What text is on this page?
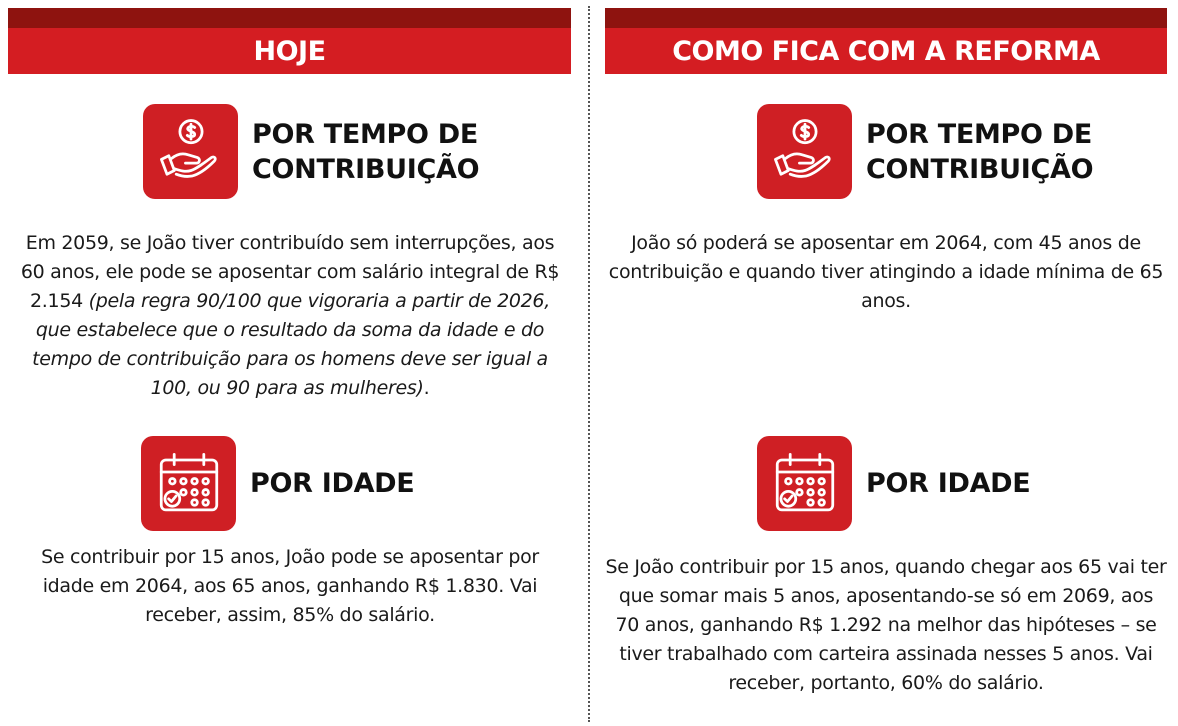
HOJE
POR TEMPO DE
CONTRIBUIÇÃO
Em 2059, se João tiver contribuído sem interrupções, aos 60 anos, ele pode se aposentar com salário integral de R$ 2.154 (pela regra 90/100 que vigoraria a partir de 2026, que estabelece que o resultado da soma da idade e do tempo de contribuição para os homens deve ser igual a 100, ou 90 para as mulheres).
POR IDADE
Se contribuir por 15 anos, João pode se aposentar por idade em 2064, aos 65 anos, ganhando R$ 1.830. Vai receber, assim, 85% do salário.
COMO FICA COM A REFORMA
POR TEMPO DE
CONTRIBUIÇÃO
João só poderá se aposentar em 2064, com 45 anos de contribuição e quando tiver atingindo a idade mínima de 65 anos.
POR IDADE
Se João contribuir por 15 anos, quando chegar aos 65 vai ter que somar mais 5 anos, aposentando-se só em 2069, aos 70 anos, ganhando R$ 1.292 na melhor das hipóteses – se tiver trabalhado com carteira assinada nesses 5 anos. Vai receber, portanto, 60% do salário.
